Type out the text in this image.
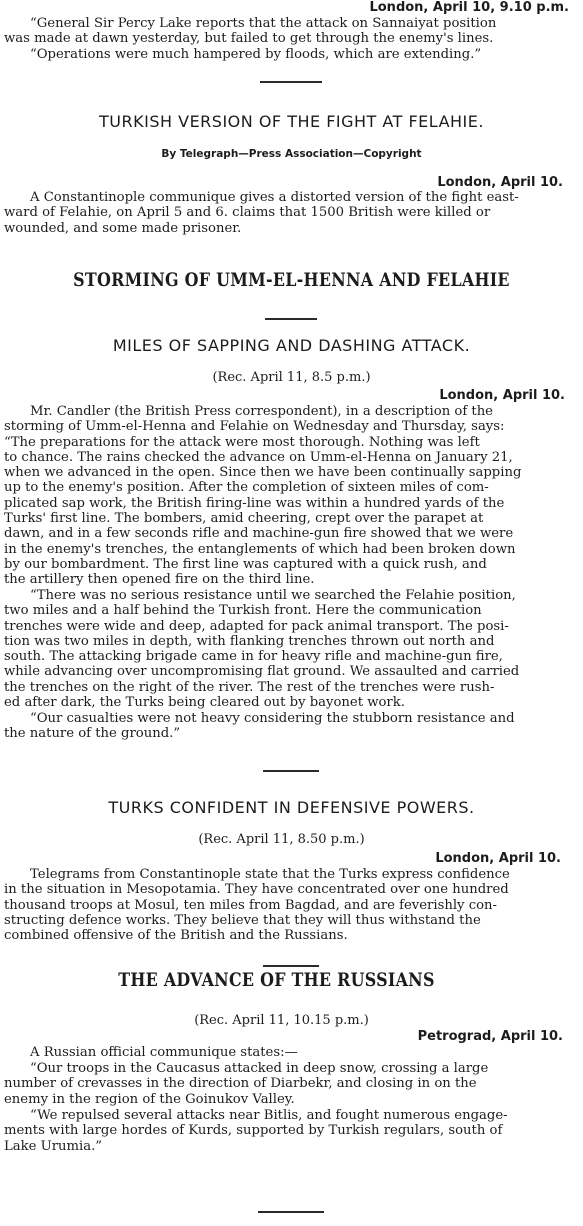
London, April 10, 9.10 p.m.
“General Sir Percy Lake reports that the attack on Sannaiyat position
was made at dawn yesterday, but failed to get through the enemy's lines.
“Operations were much hampered by floods, which are extending.”
TURKISH VERSION OF THE FIGHT AT FELAHIE.
By Telegraph—Press Association—Copyright
London, April 10.
A Constantinople communique gives a distorted version of the fight east-
ward of Felahie, on April 5 and 6. claims that 1500 British were killed or
wounded, and some made prisoner.
STORMING OF UMM-EL-HENNA AND FELAHIE
MILES OF SAPPING AND DASHING ATTACK.
(Rec. April 11, 8.5 p.m.)
London, April 10.
Mr. Candler (the British Press correspondent), in a description of the
storming of Umm-el-Henna and Felahie on Wednesday and Thursday, says:
“The preparations for the attack were most thorough. Nothing was left
to chance. The rains checked the advance on Umm-el-Henna on January 21,
when we advanced in the open. Since then we have been continually sapping
up to the enemy's position. After the completion of sixteen miles of com-
plicated sap work, the British firing-line was within a hundred yards of the
Turks' first line. The bombers, amid cheering, crept over the parapet at
dawn, and in a few seconds rifle and machine-gun fire showed that we were
in the enemy's trenches, the entanglements of which had been broken down
by our bombardment. The first line was captured with a quick rush, and
the artillery then opened fire on the third line.
“There was no serious resistance until we searched the Felahie position,
two miles and a half behind the Turkish front. Here the communication
trenches were wide and deep, adapted for pack animal transport. The posi-
tion was two miles in depth, with flanking trenches thrown out north and
south. The attacking brigade came in for heavy rifle and machine-gun fire,
while advancing over uncompromising flat ground. We assaulted and carried
the trenches on the right of the river. The rest of the trenches were rush-
ed after dark, the Turks being cleared out by bayonet work.
“Our casualties were not heavy considering the stubborn resistance and
the nature of the ground.”
TURKS CONFIDENT IN DEFENSIVE POWERS.
(Rec. April 11, 8.50 p.m.)
London, April 10.
Telegrams from Constantinople state that the Turks express confidence
in the situation in Mesopotamia. They have concentrated over one hundred
thousand troops at Mosul, ten miles from Bagdad, and are feverishly con-
structing defence works. They believe that they will thus withstand the
combined offensive of the British and the Russians.
THE ADVANCE OF THE RUSSIANS
(Rec. April 11, 10.15 p.m.)
Petrograd, April 10.
A Russian official communique states:—
“Our troops in the Caucasus attacked in deep snow, crossing a large
number of crevasses in the direction of Diarbekr, and closing in on the
enemy in the region of the Goinukov Valley.
“We repulsed several attacks near Bitlis, and fought numerous engage-
ments with large hordes of Kurds, supported by Turkish regulars, south of
Lake Urumia.”
